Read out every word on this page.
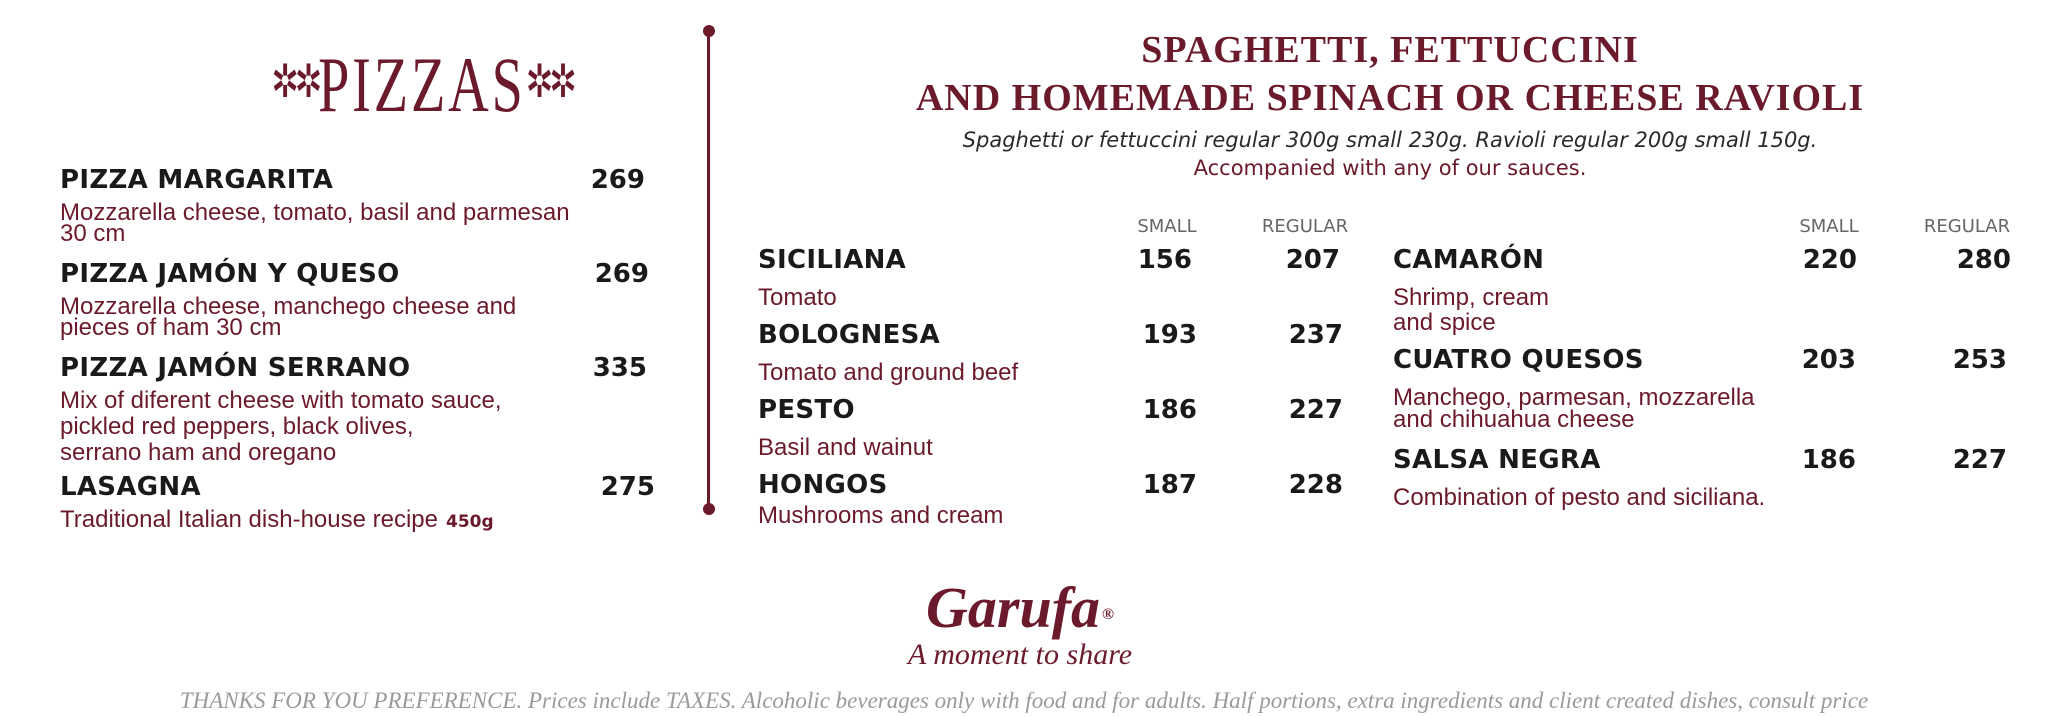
✲✲PIZZAS✲✲
PIZZA MARGARITA	269
Mozzarella cheese, tomato, basil and parmesan
30 cm
PIZZA JAMÓN Y QUESO	269
Mozzarella cheese, manchego cheese and
pieces of ham 30 cm
PIZZA JAMÓN SERRANO	335
Mix of diferent cheese with tomato sauce,
pickled red peppers, black olives,
serrano ham and oregano
LASAGNA	275
Traditional Italian dish-house recipe 450g
SPAGHETTI, FETTUCCINI
AND HOMEMADE SPINACH OR CHEESE RAVIOLI
Spaghetti or fettuccini regular 300g small 230g. Ravioli regular 200g small 150g.
Accompanied with any of our sauces.
SMALL	REGULAR	SMALL	REGULAR
SICILIANA	156	207
Tomato
BOLOGNESA	193	237
Tomato and ground beef
PESTO	186	227
Basil and wainut
HONGOS	187	228
Mushrooms and cream
CAMARÓN	220	280
Shrimp, cream
and spice
CUATRO QUESOS	203	253
Manchego, parmesan, mozzarella
and chihuahua cheese
SALSA NEGRA	186	227
Combination of pesto and siciliana.
Garufa ®
A moment to share
THANKS FOR YOU PREFERENCE. Prices include TAXES. Alcoholic beverages only with food and for adults. Half portions, extra ingredients and client created dishes, consult price
